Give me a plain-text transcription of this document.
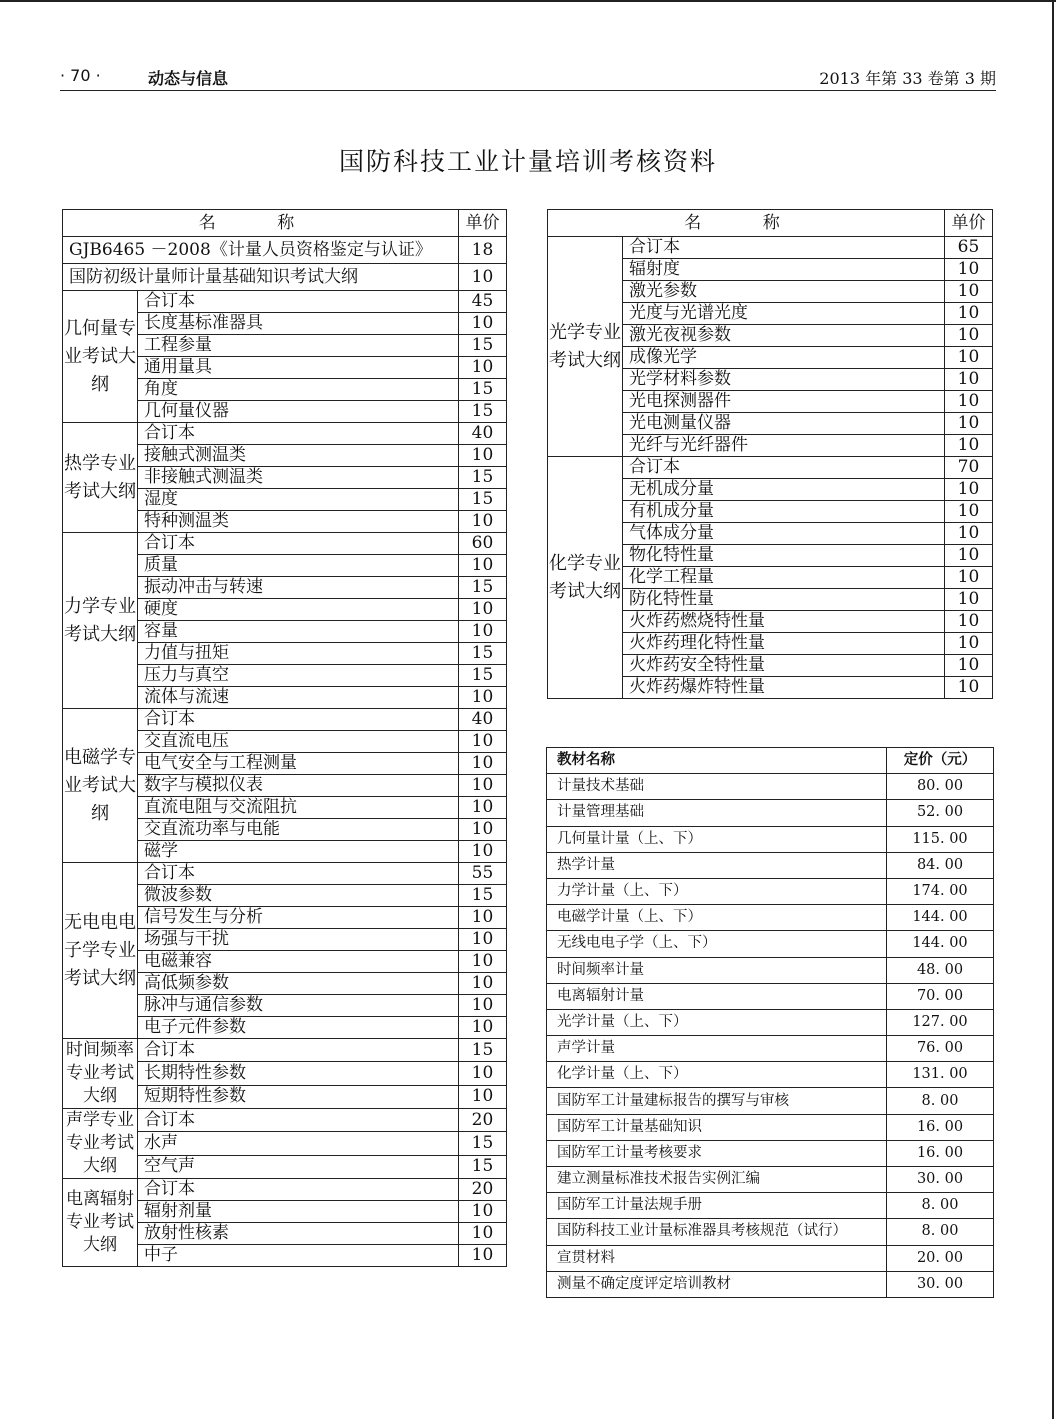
· 70 ·	动态与信息	2013 年第 33 卷第 3 期
国防科技工业计量培训考核资料
名 称		单价
GJB6465 －2008《计量人员资格鉴定与认证》		18
国防初级计量师计量基础知识考试大纲		10
几何量专业考试大纲	合订本	45
	长度基标准器具	10
	工程参量	15
	通用量具	10
	角度	15
	几何量仪器	15
热学专业考试大纲	合订本	40
	接触式测温类	10
	非接触式测温类	15
	湿度	15
	特种测温类	10
力学专业考试大纲	合订本	60
	质量	10
	振动冲击与转速	15
	硬度	10
	容量	10
	力值与扭矩	15
	压力与真空	15
	流体与流速	10
电磁学专业考试大纲	合订本	40
	交直流电压	10
	电气安全与工程测量	10
	数字与模拟仪表	10
	直流电阻与交流阻抗	10
	交直流功率与电能	10
	磁学	10
无电电电子学专业考试大纲	合订本	55
	微波参数	15
	信号发生与分析	10
	场强与干扰	10
	电磁兼容	10
	高低频参数	10
	脉冲与通信参数	10
	电子元件参数	10
时间频率专业考试大纲	合订本	15
	长期特性参数	10
	短期特性参数	10
声学专业专业考试大纲	合订本	20
	水声	15
	空气声	15
电离辐射专业考试大纲	合订本	20
	辐射剂量	10
	放射性核素	10
	中子	10
名 称		单价
光学专业考试大纲	合订本	65
	辐射度	10
	激光参数	10
	光度与光谱光度	10
	激光夜视参数	10
	成像光学	10
	光学材料参数	10
	光电探测器件	10
	光电测量仪器	10
	光纤与光纤器件	10
化学专业考试大纲	合订本	70
	无机成分量	10
	有机成分量	10
	气体成分量	10
	物化特性量	10
	化学工程量	10
	防化特性量	10
	火炸药燃烧特性量	10
	火炸药理化特性量	10
	火炸药安全特性量	10
	火炸药爆炸特性量	10
教材名称	定价（元）
计量技术基础	80. 00
计量管理基础	52. 00
几何量计量（上、下）	115. 00
热学计量	84. 00
力学计量（上、下）	174. 00
电磁学计量（上、下）	144. 00
无线电电子学（上、下）	144. 00
时间频率计量	48. 00
电离辐射计量	70. 00
光学计量（上、下）	127. 00
声学计量	76. 00
化学计量（上、下）	131. 00
国防军工计量建标报告的撰写与审核	8. 00
国防军工计量基础知识	16. 00
国防军工计量考核要求	16. 00
建立测量标准技术报告实例汇编	30. 00
国防军工计量法规手册	8. 00
国防科技工业计量标准器具考核规范（试行）	8. 00
宣贯材料	20. 00
测量不确定度评定培训教材	30. 00
